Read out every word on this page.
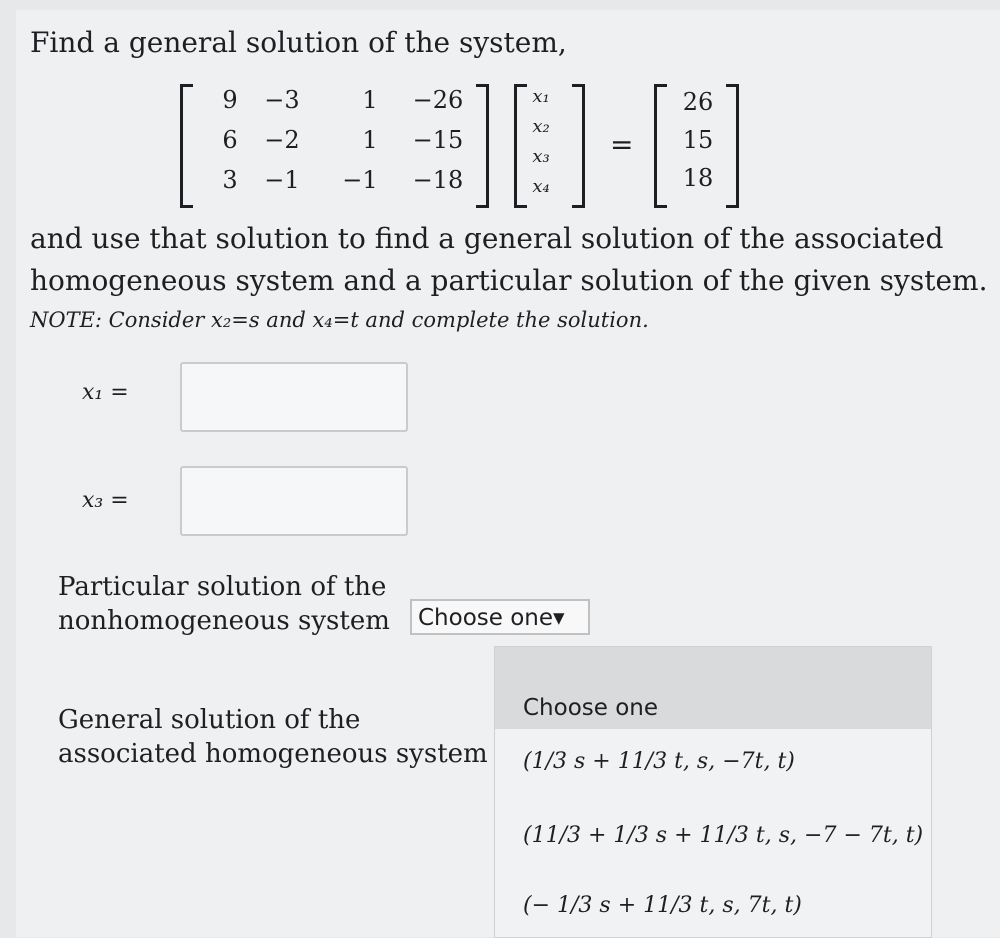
Find a general solution of the system,
9	−3	1	−26
6	−2	1	−15
3	−1	−1	−18
x₁
x₂
x₃
x₄
=
26
15
18
and use that solution to find a general solution of the associated
homogeneous system and a particular solution of the given system.
NOTE: Consider x₂=s and x₄=t and complete the solution.
x₁ =
x₃ =
Particular solution of the
nonhomogeneous system	Choose one▾
General solution of the
associated homogeneous system
Choose one
(1/3 s + 11/3 t, s, −7t, t)
(11/3 + 1/3 s + 11/3 t, s, −7 − 7t, t)
(− 1/3 s + 11/3 t, s, 7t, t)
